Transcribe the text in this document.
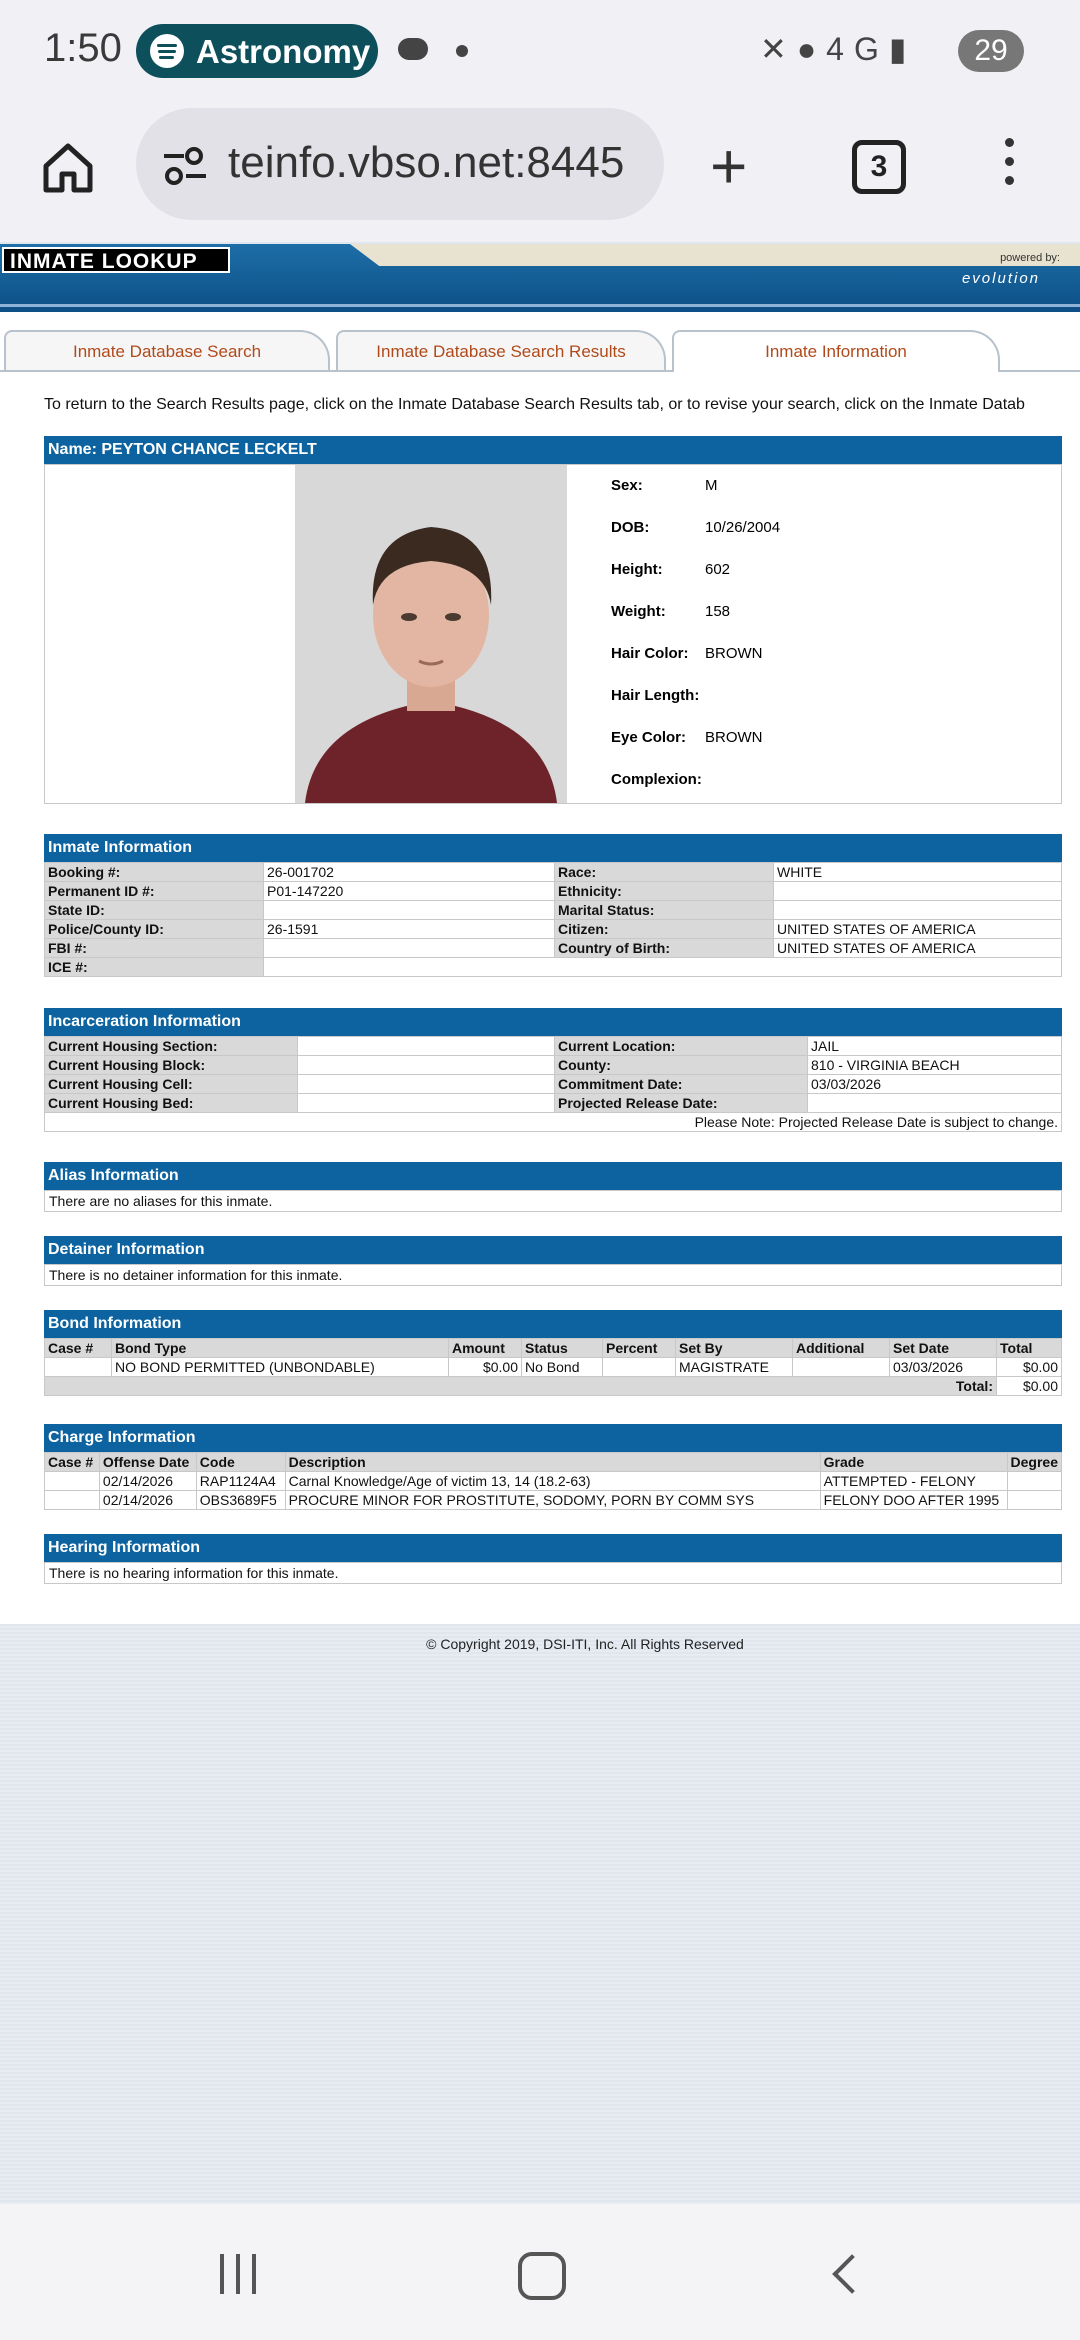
1:50 Astronomy	✕●4G▮	29
teinfo.vbso.net:8445 +	3
INMATE LOOKUP	powered by:
evolution
Inmate Database Search	Inmate Database Search Results	Inmate Information
To return to the Search Results page, click on the Inmate Database Search Results tab, or to revise your search, click on the Inmate Datab
Name: PEYTON CHANCE LECKELT
Sex:	M
DOB:	10/26/2004
Height:	602
Weight:	158
Hair Color: BROWN
Hair Length:
Eye Color: BROWN
Complexion:
Inmate Information
Booking #:	26-001702	Race:	WHITE
Permanent ID #:	P01-147220	Ethnicity:	
State ID:		Marital Status:	
Police/County ID:	26-1591	Citizen:	UNITED STATES OF AMERICA
FBI #:		Country of Birth:	UNITED STATES OF AMERICA
ICE #:			
Incarceration Information
Current Housing Section:		Current Location:	JAIL
Current Housing Block:		County:	810 - VIRGINIA BEACH
Current Housing Cell:		Commitment Date:	03/03/2026
Current Housing Bed:		Projected Release Date:	
Please Note: Projected Release Date is subject to change.			
Alias Information
There are no aliases for this inmate.
Detainer Information
There is no detainer information for this inmate.
Bond Information
Case #	Bond Type	Amount	Status	Percent	Set By	Additional	Set Date	Total
	NO BOND PERMITTED (UNBONDABLE)	$0.00	No Bond		MAGISTRATE		03/03/2026	$0.00
Total:								$0.00
Charge Information
Case #	Offense Date	Code	Description	Grade	Degree
	02/14/2026	RAP1124A4	Carnal Knowledge/Age of victim 13, 14 (18.2-63)	ATTEMPTED - FELONY	
	02/14/2026	OBS3689F5	PROCURE MINOR FOR PROSTITUTE, SODOMY, PORN BY COMM SYS	FELONY DOO AFTER 1995	
Hearing Information
There is no hearing information for this inmate.
© Copyright 2019, DSI-ITI, Inc. All Rights Reserved
